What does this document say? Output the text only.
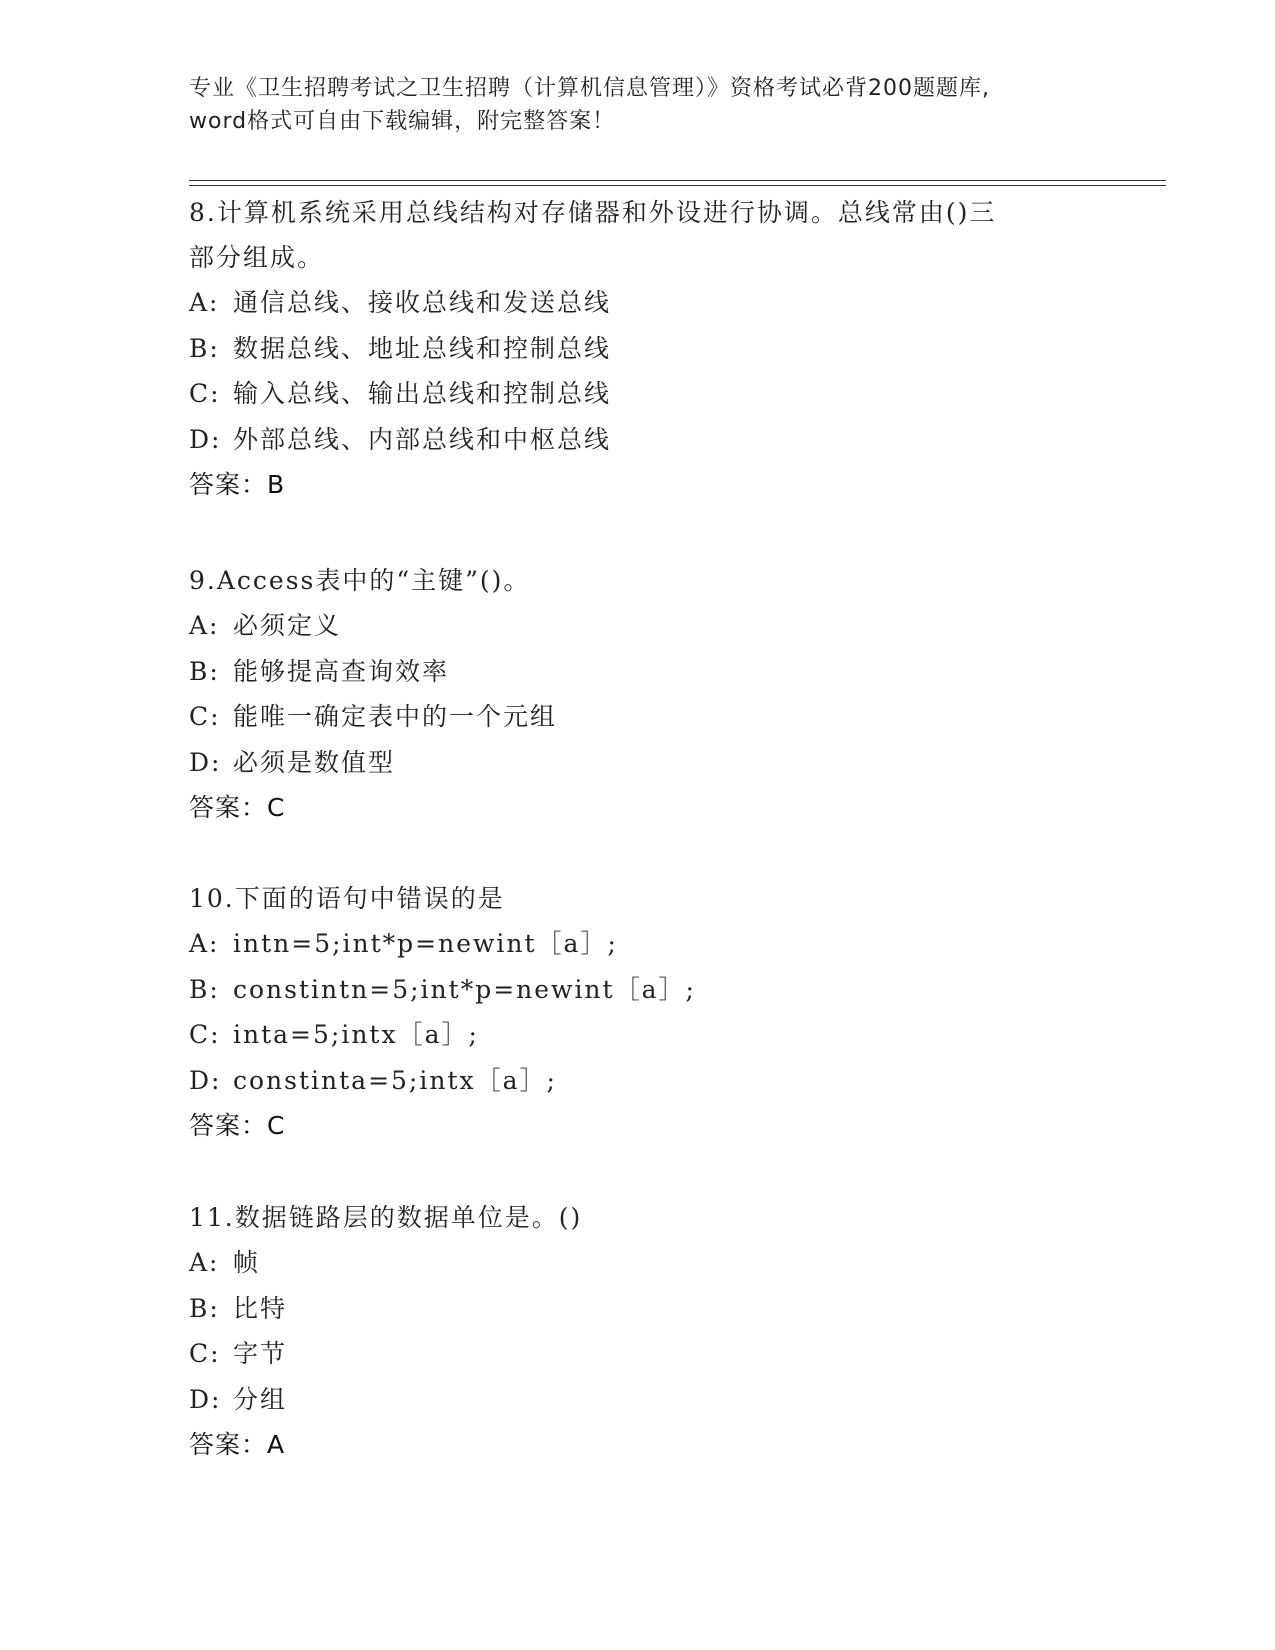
专业《卫生招聘考试之卫生招聘（计算机信息管理）》资格考试必背200题题库,
word格式可自由下载编辑，附完整答案！

8.计算机系统采用总线结构对存储器和外设进行协调。总线常由()三

部分组成。

A: 通信总线、接收总线和发送总线

B: 数据总线、地址总线和控制总线

C: 输入总线、输出总线和控制总线

D: 外部总线、内部总线和中枢总线

答案：B

9.Access表中的“主键”()。

A: 必须定义

B: 能够提高查询效率

C: 能唯一确定表中的一个元组

D: 必须是数值型

答案：C

10.下面的语句中错误的是

A: intn=5;int*p=newint［a］;

B: constintn=5;int*p=newint［a］;

C: inta=5;intx［a］;

D: constinta=5;intx［a］;

答案：C

11.数据链路层的数据单位是。()

A: 帧

B: 比特

C: 字节

D: 分组

答案：A
